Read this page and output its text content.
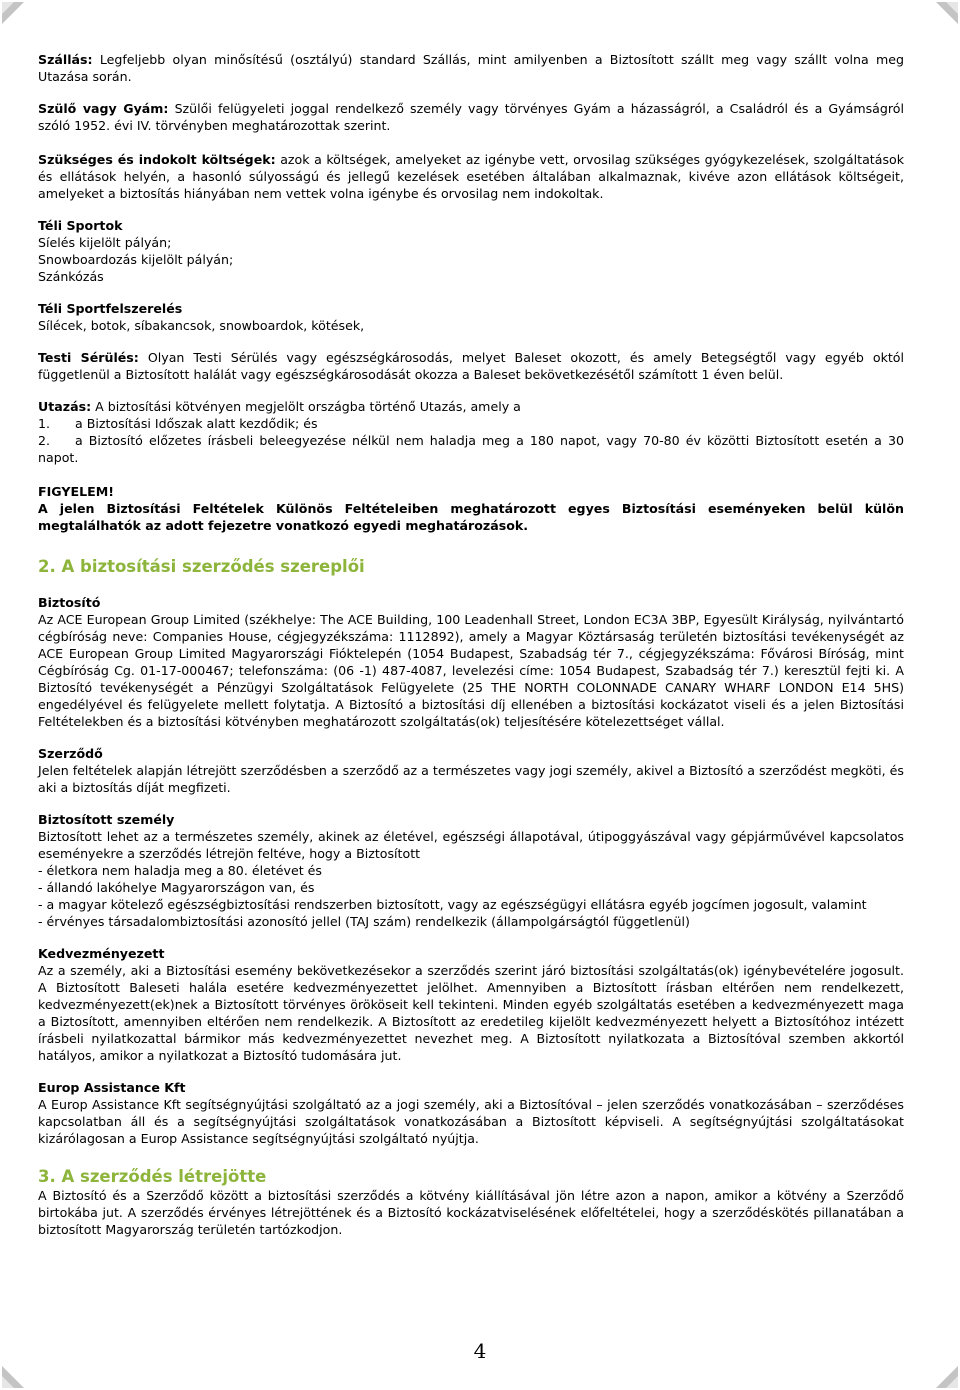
Szállás: Legfeljebb olyan minősítésű (osztályú) standard Szállás, mint amilyenben a Biztosított szállt meg vagy szállt volna meg Utazása során.

Szülő vagy Gyám: Szülői felügyeleti joggal rendelkező személy vagy törvényes Gyám a házasságról, a Családról és a Gyámságról szóló 1952. évi IV. törvényben meghatározottak szerint.

Szükséges és indokolt költségek: azok a költségek, amelyeket az igénybe vett, orvosilag szükséges gyógykezelések, szolgáltatások és ellátások helyén, a hasonló súlyosságú és jellegű kezelések esetében általában alkalmaznak, kivéve azon ellátások költségeit, amelyeket a biztosítás hiányában nem vettek volna igénybe és orvosilag nem indokoltak.

Téli Sportok
Síelés kijelölt pályán;
Snowboardozás kijelölt pályán;
Szánkózás

Téli Sportfelszerelés
Sílécek, botok, síbakancsok, snowboardok, kötések,

Testi Sérülés: Olyan Testi Sérülés vagy egészségkárosodás, melyet Baleset okozott, és amely Betegségtől vagy egyéb októl függetlenül a Biztosított halálát vagy egészségkárosodását okozza a Baleset bekövetkezésétől számított 1 éven belül.

Utazás: A biztosítási kötvényen megjelölt országba történő Utazás, amely a
1. a Biztosítási Időszak alatt kezdődik; és
2. a Biztosító előzetes írásbeli beleegyezése nélkül nem haladja meg a 180 napot, vagy 70-80 év közötti Biztosított esetén a 30 napot.

FIGYELEM!
A jelen Biztosítási Feltételek Különös Feltételeiben meghatározott egyes Biztosítási eseményeken belül külön megtalálhatók az adott fejezetre vonatkozó egyedi meghatározások.
2. A biztosítási szerződés szereplői

Biztosító
Az ACE European Group Limited (székhelye: The ACE Building, 100 Leadenhall Street, London EC3A 3BP, Egyesült Királyság, nyilvántartó cégbíróság neve: Companies House, cégjegyzékszáma: 1112892), amely a Magyar Köztársaság területén biztosítási tevékenységét az ACE European Group Limited Magyarországi Fióktelepén (1054 Budapest, Szabadság tér 7., cégjegyzékszáma: Fővárosi Bíróság, mint Cégbíróság Cg. 01-17-000467; telefonszáma: (06 -1) 487-4087, levelezési címe: 1054 Budapest, Szabadság tér 7.) keresztül fejti ki. A Biztosító tevékenységét a Pénzügyi Szolgáltatások Felügyelete (25 THE NORTH COLONNADE CANARY WHARF LONDON E14 5HS) engedélyével és felügyelete mellett folytatja. A Biztosító a biztosítási díj ellenében a biztosítási kockázatot viseli és a jelen Biztosítási Feltételekben és a biztosítási kötvényben meghatározott szolgáltatás(ok) teljesítésére kötelezettséget vállal.

Szerződő
Jelen feltételek alapján létrejött szerződésben a szerződő az a természetes vagy jogi személy, akivel a Biztosító a szerződést megköti, és aki a biztosítás díját megfizeti.

Biztosított személy
Biztosított lehet az a természetes személy, akinek az életével, egészségi állapotával, útipoggyászával vagy gépjárművével kapcsolatos eseményekre a szerződés létrejön feltéve, hogy a Biztosított
- életkora nem haladja meg a 80. életévet és
- állandó lakóhelye Magyarországon van, és
- a magyar kötelező egészségbiztosítási rendszerben biztosított, vagy az egészségügyi ellátásra egyéb jogcímen jogosult, valamint
- érvényes társadalombiztosítási azonosító jellel (TAJ szám) rendelkezik (állampolgárságtól függetlenül)

Kedvezményezett
Az a személy, aki a Biztosítási esemény bekövetkezésekor a szerződés szerint járó biztosítási szolgáltatás(ok) igénybevételére jogosult. A Biztosított Baleseti halála esetére kedvezményezettet jelölhet. Amennyiben a Biztosított írásban eltérően nem rendelkezett, kedvezményezett(ek)nek a Biztosított törvényes örököseit kell tekinteni. Minden egyéb szolgáltatás esetében a kedvezményezett maga a Biztosított, amennyiben eltérően nem rendelkezik. A Biztosított az eredetileg kijelölt kedvezményezett helyett a Biztosítóhoz intézett írásbeli nyilatkozattal bármikor más kedvezményezettet nevezhet meg. A Biztosított nyilatkozata a Biztosítóval szemben akkortól hatályos, amikor a nyilatkozat a Biztosító tudomására jut.

Europ Assistance Kft
A Europ Assistance Kft segítségnyújtási szolgáltató az a jogi személy, aki a Biztosítóval – jelen szerződés vonatkozásában – szerződéses kapcsolatban áll és a segítségnyújtási szolgáltatások vonatkozásában a Biztosított képviseli. A segítségnyújtási szolgáltatásokat kizárólagosan a Europ Assistance segítségnyújtási szolgáltató nyújtja.

3. A szerződés létrejötte

A Biztosító és a Szerződő között a biztosítási szerződés a kötvény kiállításával jön létre azon a napon, amikor a kötvény a Szerződő birtokába jut. A szerződés érvényes létrejöttének és a Biztosító kockázatviselésének előfeltételei, hogy a szerződéskötés pillanatában a biztosított Magyarország területén tartózkodjon.

4
